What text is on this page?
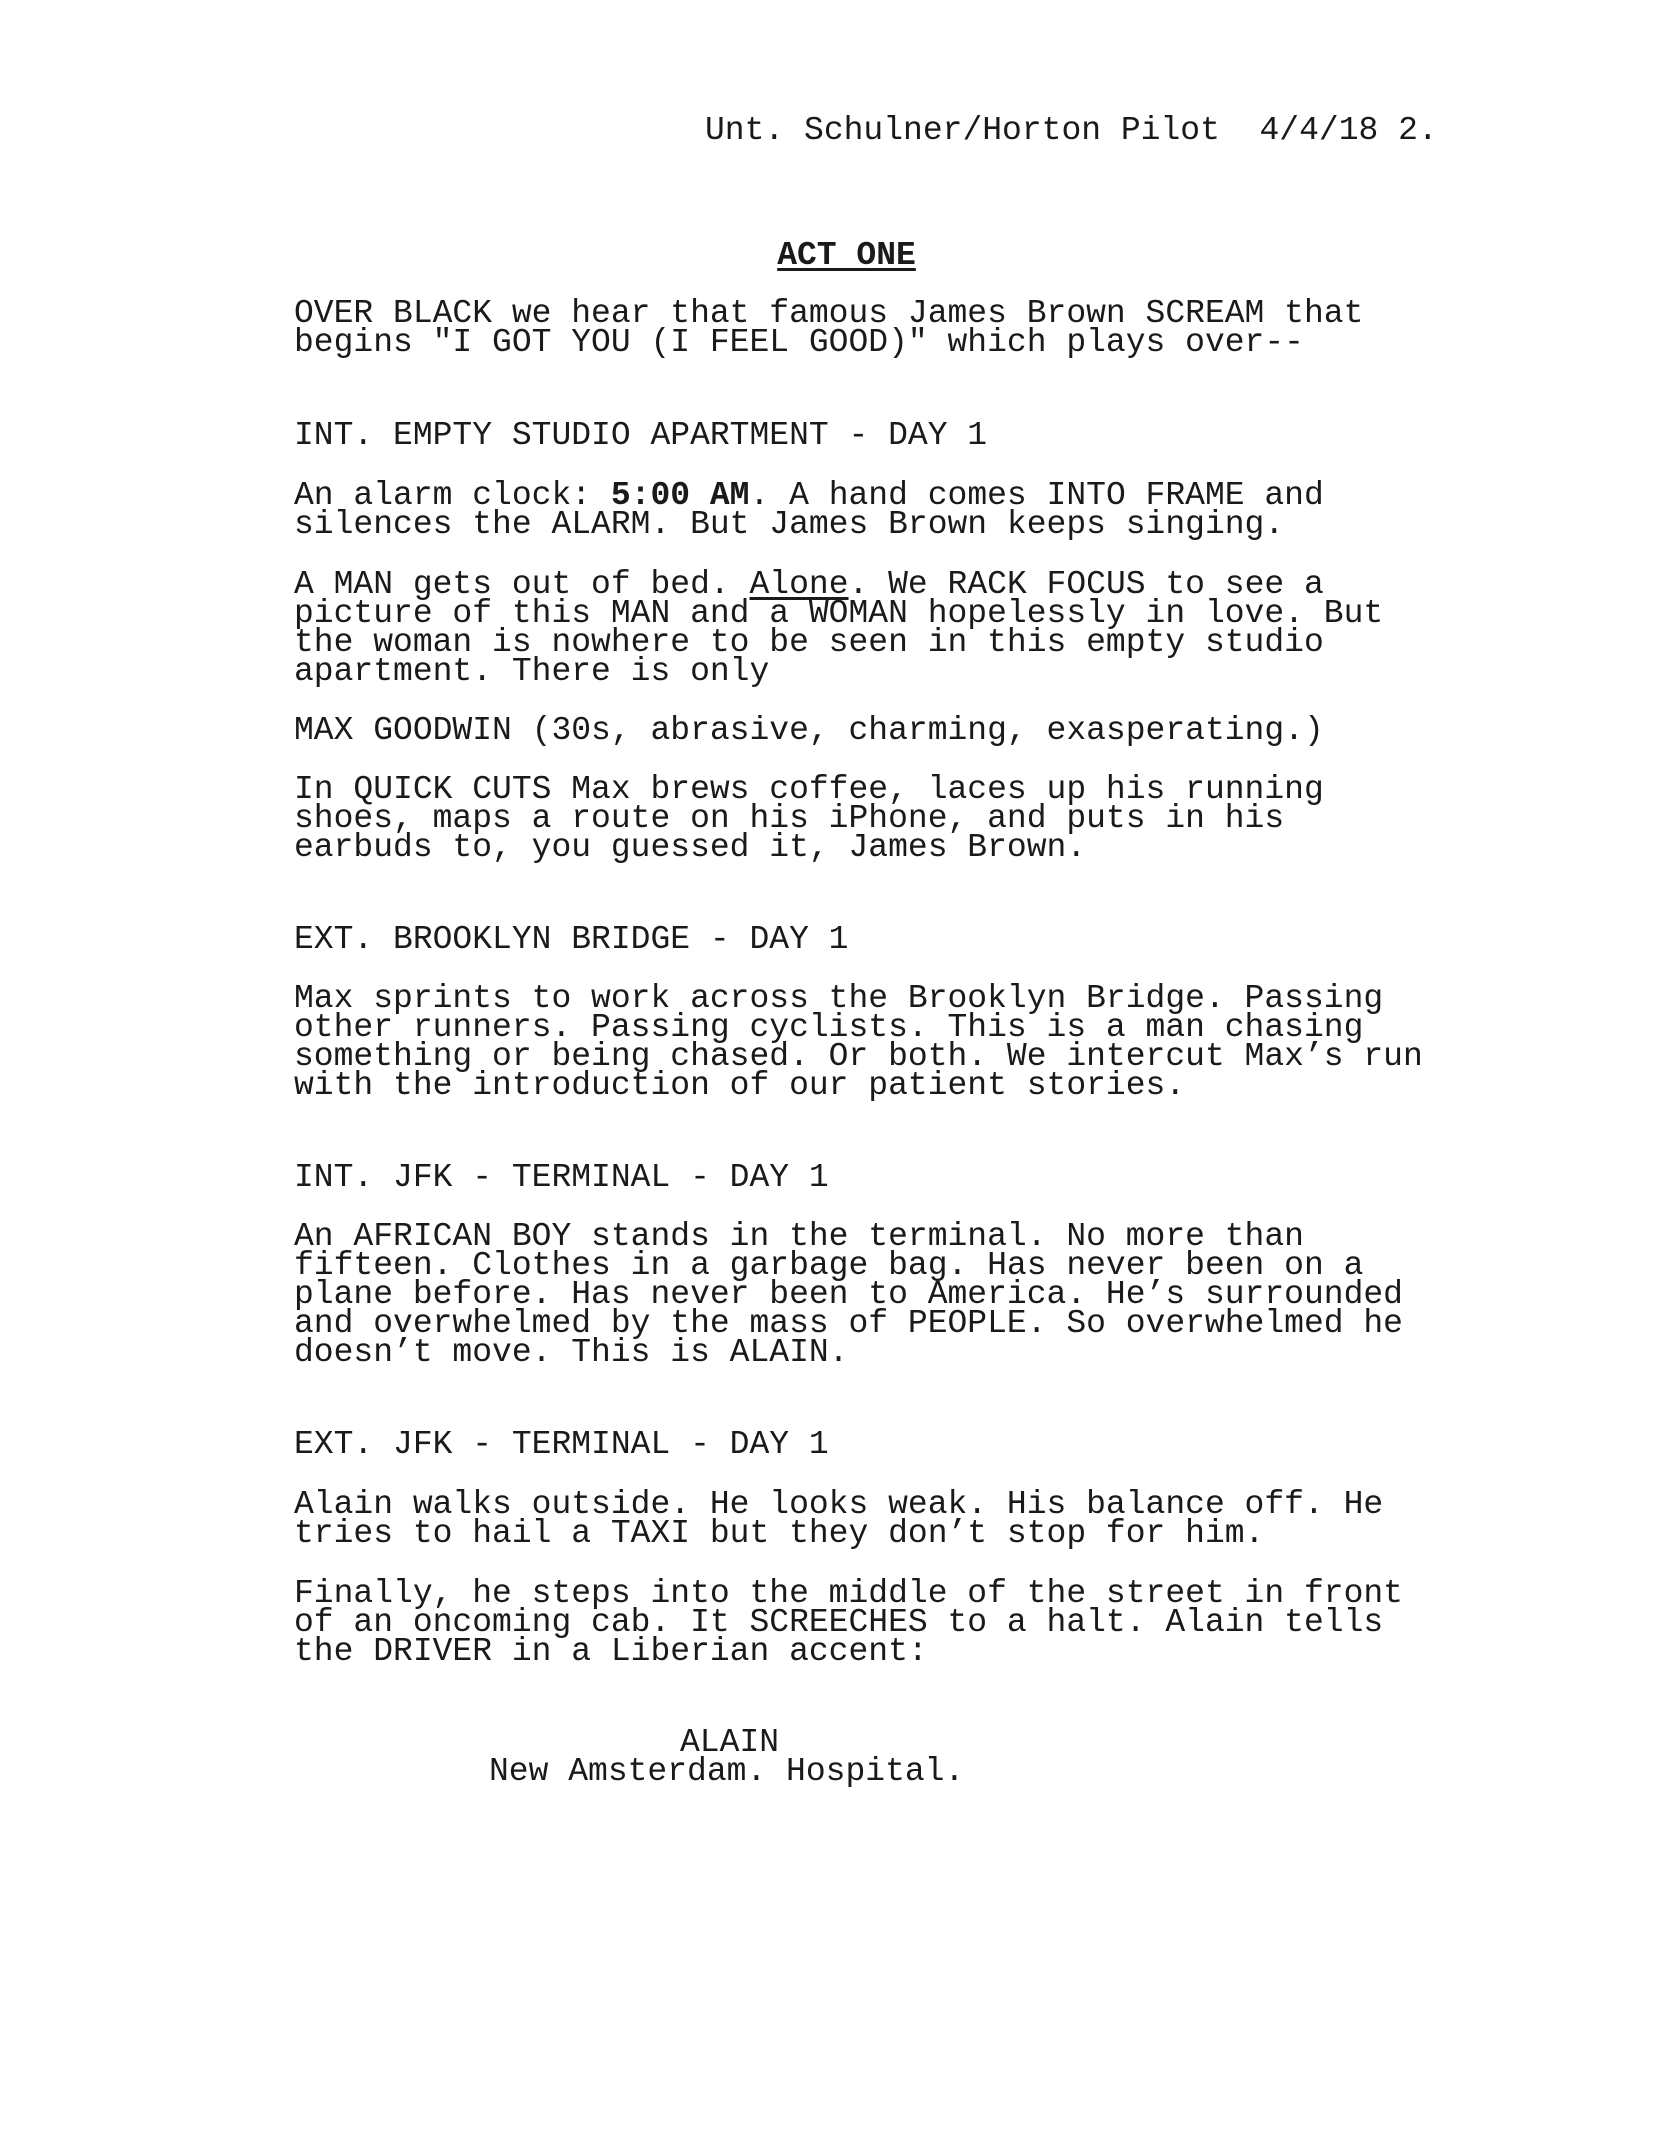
Unt. Schulner/Horton Pilot  4/4/18 2.
ACT ONE

OVER BLACK we hear that famous James Brown SCREAM that begins "I GOT YOU (I FEEL GOOD)" which plays over--

INT. EMPTY STUDIO APARTMENT - DAY 1

An alarm clock: 5:00 AM. A hand comes INTO FRAME and silences the ALARM. But James Brown keeps singing.

A MAN gets out of bed. Alone. We RACK FOCUS to see a picture of this MAN and a WOMAN hopelessly in love. But the woman is nowhere to be seen in this empty studio apartment. There is only

MAX GOODWIN (30s, abrasive, charming, exasperating.)

In QUICK CUTS Max brews coffee, laces up his running shoes, maps a route on his iPhone, and puts in his earbuds to, you guessed it, James Brown.

EXT. BROOKLYN BRIDGE - DAY 1

Max sprints to work across the Brooklyn Bridge. Passing other runners. Passing cyclists. This is a man chasing something or being chased. Or both. We intercut Max’s run with the introduction of our patient stories.

INT. JFK - TERMINAL - DAY 1

An AFRICAN BOY stands in the terminal. No more than fifteen. Clothes in a garbage bag. Has never been on a plane before. Has never been to America. He’s surrounded and overwhelmed by the mass of PEOPLE. So overwhelmed he doesn’t move. This is ALAIN.

EXT. JFK - TERMINAL - DAY 1

Alain walks outside. He looks weak. His balance off. He tries to hail a TAXI but they don’t stop for him.

Finally, he steps into the middle of the street in front of an oncoming cab. It SCREECHES to a halt. Alain tells the DRIVER in a Liberian accent:

ALAIN
New Amsterdam. Hospital.
